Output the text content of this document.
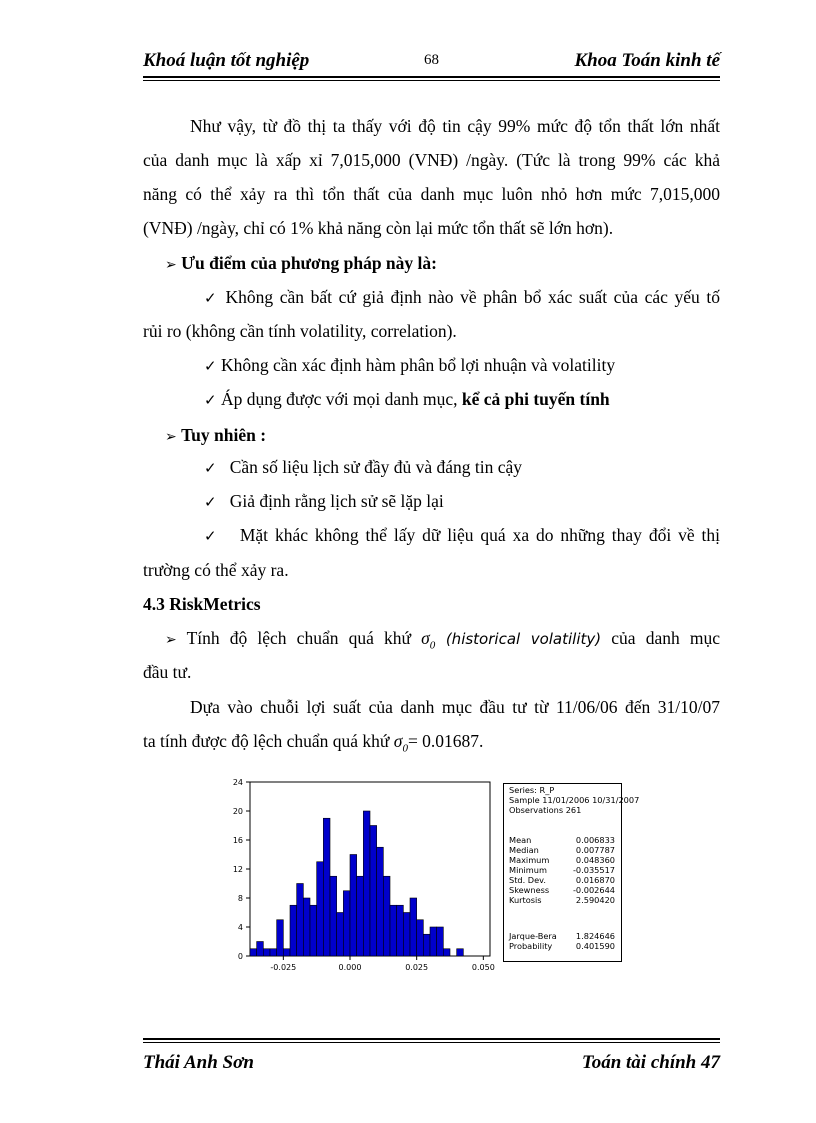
Khoá luận tốt nghiệp	68	Khoa Toán kinh tế
Như vậy, từ đồ thị ta thấy với độ tin cậy 99% mức độ tổn thất lớn nhất
của danh mục là xấp xỉ 7,015,000 (VNĐ) /ngày. (Tức là trong 99% các khả
năng có thể xảy ra thì tổn thất của danh mục luôn nhỏ hơn mức 7,015,000
(VNĐ) /ngày, chỉ có 1% khả năng còn lại mức tổn thất sẽ lớn hơn).
➢ Ưu điểm của phương pháp này là:
✓ Không cần bất cứ giả định nào về phân bổ xác suất của các yếu tố
rủi ro (không cần tính volatility, correlation).
✓ Không cần xác định hàm phân bổ lợi nhuận và volatility
✓ Áp dụng được với mọi danh mục, kể cả phi tuyến tính
➢ Tuy nhiên :
✓ Cần số liệu lịch sử đầy đủ và đáng tin cậy
✓ Giả định rằng lịch sử sẽ lặp lại
✓ Mặt khác không thể lấy dữ liệu quá xa do những thay đổi về thị
trường có thể xảy ra.
4.3 RiskMetrics
➢ Tính độ lệch chuẩn quá khứ $\sigma_0$ (historical volatility) của danh mục
đầu tư.
Dựa vào chuỗi lợi suất của danh mục đầu tư từ 11/06/06 đến 31/10/07
ta tính được độ lệch chuẩn quá khứ $\sigma_0= 0.01687$.
0
4
8
12
16
20
24
-0.025	0.000	0.025	0.050
Series: R_P
Sample 11/01/2006 10/31/2007
Observations 261
Mean	0.006833
Median	0.007787
Maximum	0.048360
Minimum	-0.035517
Std. Dev.	0.016870
Skewness	-0.002644
Kurtosis	2.590420
Jarque-Bera 1.824646
Probability	0.401590
Thái Anh Sơn	Toán tài chính 47
